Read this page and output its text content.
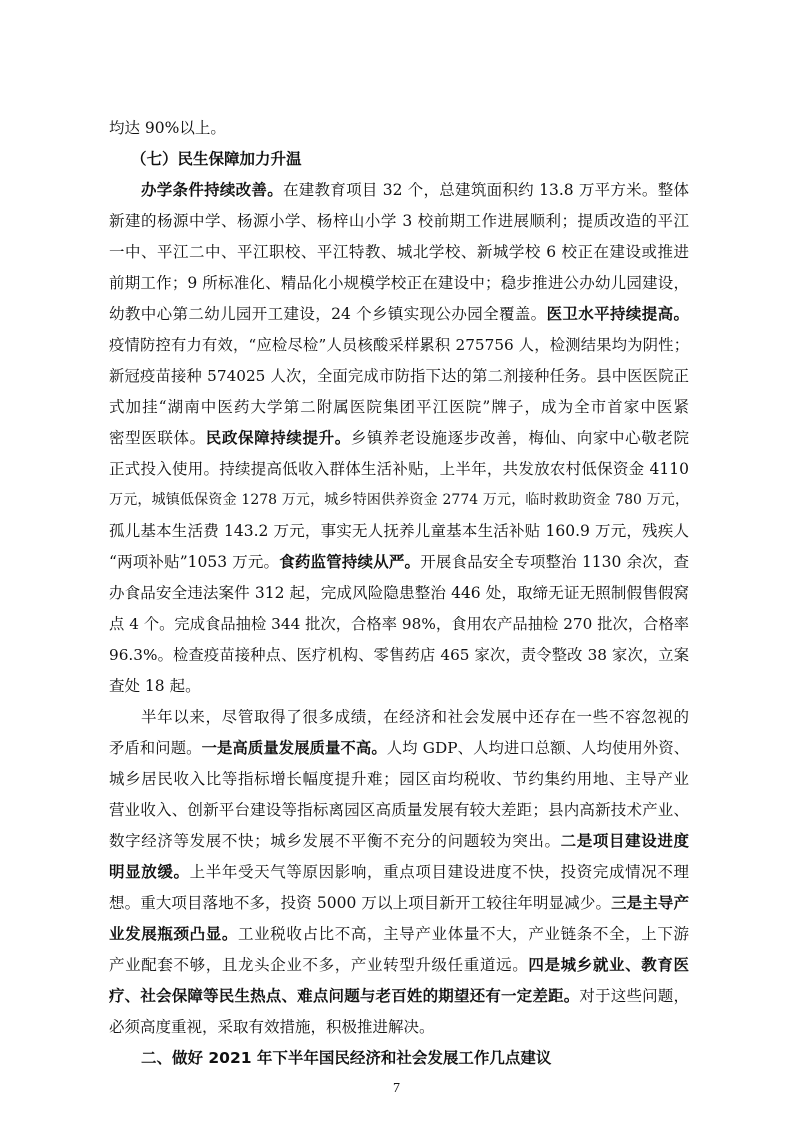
均达 90%以上。
（七）民生保障加力升温
办学条件持续改善。在建教育项目 32 个，总建筑面积约 13.8 万平方米。整体
新建的杨源中学、杨源小学、杨梓山小学 3 校前期工作进展顺利；提质改造的平江
一中、平江二中、平江职校、平江特教、城北学校、新城学校 6 校正在建设或推进
前期工作；9 所标准化、精品化小规模学校正在建设中；稳步推进公办幼儿园建设，
幼教中心第二幼儿园开工建设，24 个乡镇实现公办园全覆盖。医卫水平持续提高。
疫情防控有力有效，“应检尽检”人员核酸采样累积 275756 人，检测结果均为阴性；
新冠疫苗接种 574025 人次，全面完成市防指下达的第二剂接种任务。县中医医院正
式加挂“湖南中医药大学第二附属医院集团平江医院”牌子，成为全市首家中医紧
密型医联体。民政保障持续提升。乡镇养老设施逐步改善，梅仙、向家中心敬老院
正式投入使用。持续提高低收入群体生活补贴，上半年，共发放农村低保资金 4110
万元，城镇低保资金 1278 万元，城乡特困供养资金 2774 万元，临时救助资金 780 万元，
孤儿基本生活费 143.2 万元，事实无人抚养儿童基本生活补贴 160.9 万元，残疾人
“两项补贴”1053 万元。食药监管持续从严。开展食品安全专项整治 1130 余次，查
办食品安全违法案件 312 起，完成风险隐患整治 446 处，取缔无证无照制假售假窝
点 4 个。完成食品抽检 344 批次，合格率 98%，食用农产品抽检 270 批次，合格率
96.3%。检查疫苗接种点、医疗机构、零售药店 465 家次，责令整改 38 家次，立案
查处 18 起。
半年以来，尽管取得了很多成绩，在经济和社会发展中还存在一些不容忽视的
矛盾和问题。一是高质量发展质量不高。人均 GDP、人均进口总额、人均使用外资、
城乡居民收入比等指标增长幅度提升难；园区亩均税收、节约集约用地、主导产业
营业收入、创新平台建设等指标离园区高质量发展有较大差距；县内高新技术产业、
数字经济等发展不快；城乡发展不平衡不充分的问题较为突出。二是项目建设进度
明显放缓。上半年受天气等原因影响，重点项目建设进度不快，投资完成情况不理
想。重大项目落地不多，投资 5000 万以上项目新开工较往年明显减少。三是主导产
业发展瓶颈凸显。工业税收占比不高，主导产业体量不大，产业链条不全，上下游
产业配套不够，且龙头企业不多，产业转型升级任重道远。四是城乡就业、教育医
疗、社会保障等民生热点、难点问题与老百姓的期望还有一定差距。对于这些问题，
必须高度重视，采取有效措施，积极推进解决。
二、做好 2021 年下半年国民经济和社会发展工作几点建议
7
